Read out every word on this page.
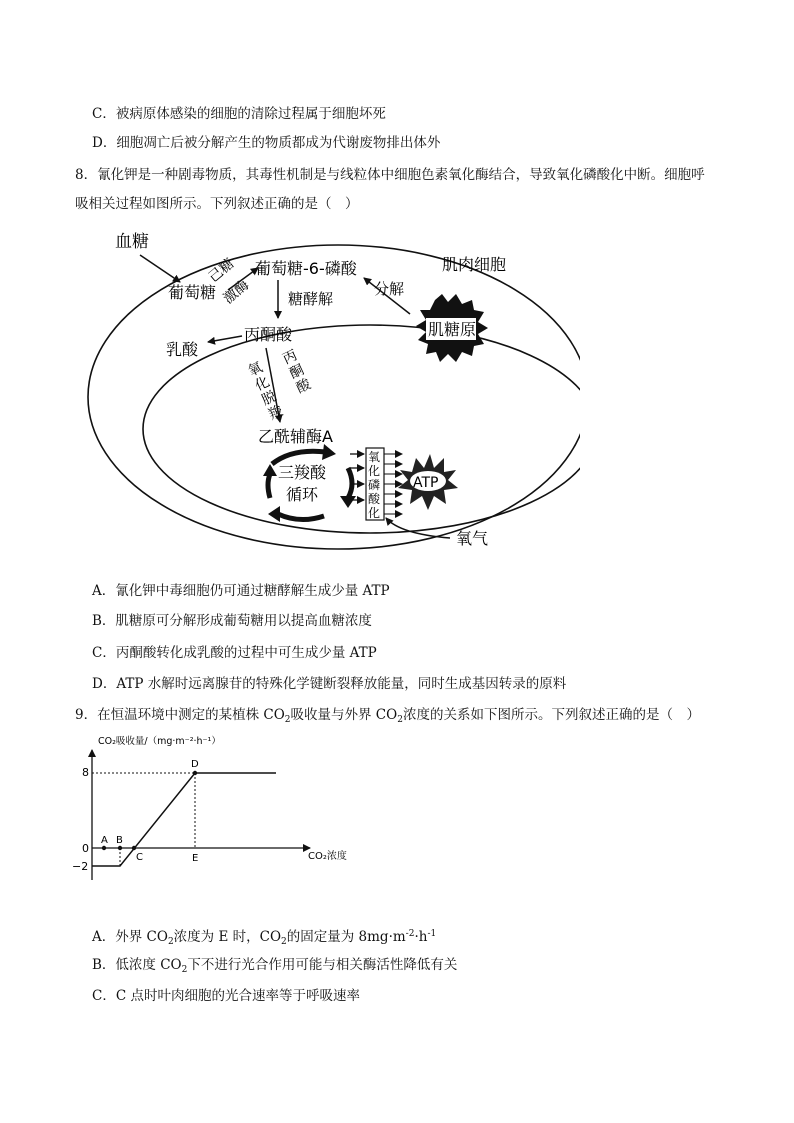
C．被病原体感染的细胞的清除过程属于细胞坏死
D．细胞凋亡后被分解产生的物质都成为代谢废物排出体外
8．氰化钾是一种剧毒物质，其毒性机制是与线粒体中细胞色素氧化酶结合，导致氧化磷酸化中断。细胞呼
吸相关过程如图所示。下列叙述正确的是（　）
血糖
葡萄糖
己糖
激酶
葡萄糖-6-磷酸	肌肉细胞
分解
肌糖原
糖酵解
丙酮酸
乳酸	丙
酮
酸
氧
化
脱
羧
乙酰辅酶A
三羧酸
循环
氧
化
磷
酸
化
ATP
氧气
A．氰化钾中毒细胞仍可通过糖酵解生成少量 ATP
B．肌糖原可分解形成葡萄糖用以提高血糖浓度
C．丙酮酸转化成乳酸的过程中可生成少量 ATP
D．ATP 水解时远离腺苷的特殊化学键断裂释放能量，同时生成基因转录的原料
9．在恒温环境中测定的某植株 $CO_2$吸收量与外界 $CO_2$浓度的关系如下图所示。下列叙述正确的是（　）
CO₂吸收量/（mg·m⁻²·h⁻¹）
CO₂浓度
8
0
−2
A B
C
D
E
A．外界 $CO_2$浓度为 E 时，$CO_2$的固定量为 $8mg\cdot m^{-2}\cdot h^{-1}$
B．低浓度 $CO_2$下不进行光合作用可能与相关酶活性降低有关
C．C 点时叶肉细胞的光合速率等于呼吸速率
